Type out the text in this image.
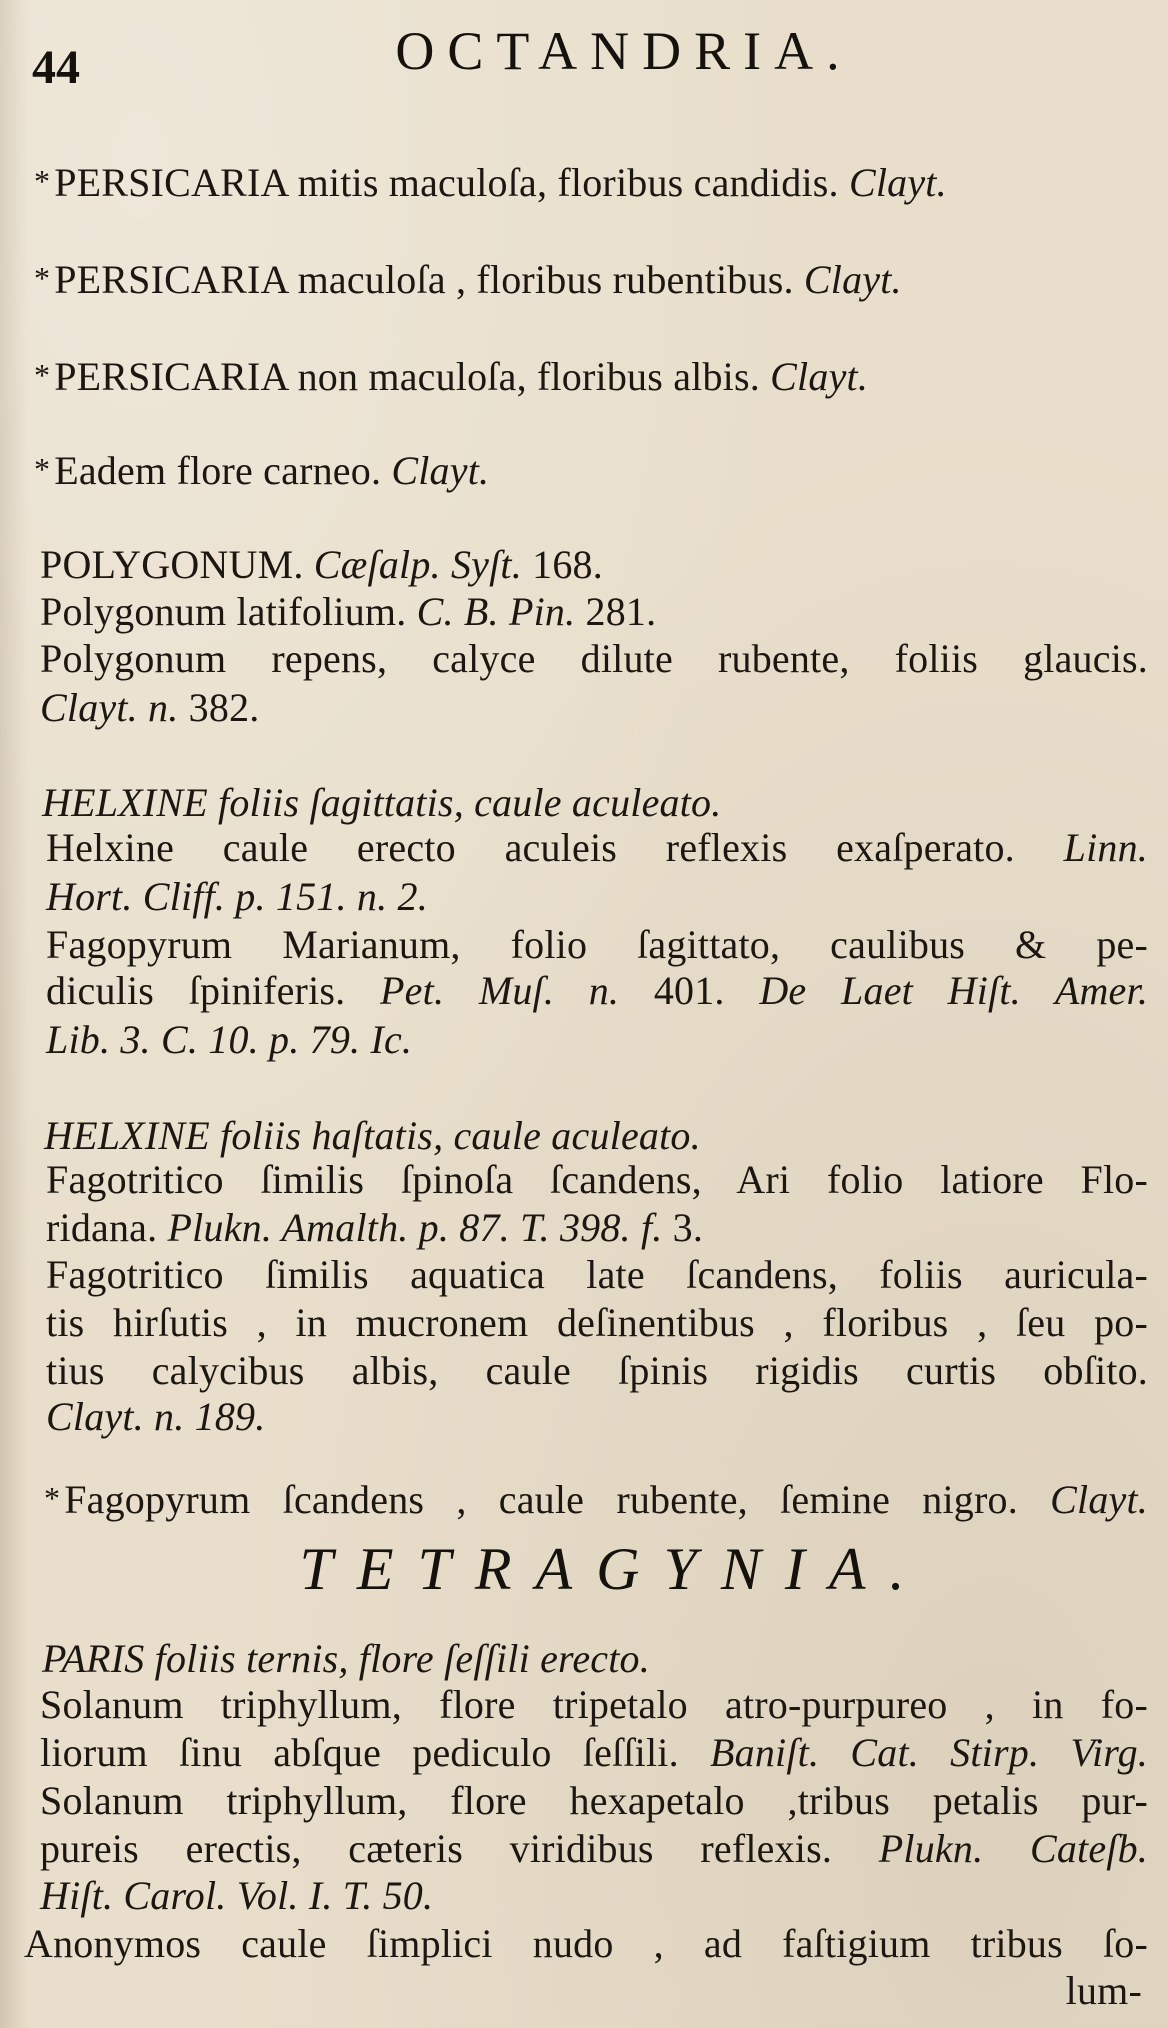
44	OCTANDRIA.
* PERSICARIA mitis maculoſa, floribus candidis. Clayt.
* PERSICARIA maculoſa , floribus rubentibus. Clayt.
* PERSICARIA non maculoſa, floribus albis. Clayt.
* Eadem flore carneo. Clayt.
POLYGONUM. Cæſalp. Syſt. 168.
Polygonum latifolium. C. B. Pin. 281.
Polygonum repens, calyce dilute rubente, foliis glaucis.
Clayt. n. 382.
HELXINE foliis ſagittatis, caule aculeato.
Helxine caule erecto aculeis reflexis exaſperato. Linn.
Hort. Cliff. p. 151. n. 2.
Fagopyrum Marianum, folio ſagittato, caulibus & pe-
diculis ſpiniferis. Pet. Muſ. n. 401. De Laet Hiſt. Amer.
Lib. 3. C. 10. p. 79. Ic.
HELXINE foliis haſtatis, caule aculeato.
Fagotritico ſimilis ſpinoſa ſcandens, Ari folio latiore Flo-
ridana. Plukn. Amalth. p. 87. T. 398. f. 3.
Fagotritico ſimilis aquatica late ſcandens, foliis auricula-
tis hirſutis , in mucronem deſinentibus , floribus , ſeu po-
tius calycibus albis, caule ſpinis rigidis curtis obſito.
Clayt. n. 189.
* Fagopyrum ſcandens , caule rubente, ſemine nigro. Clayt.
TETRAGYNIA.
PARIS foliis ternis, flore ſeſſili erecto.
Solanum triphyllum, flore tripetalo atro-purpureo , in fo-
liorum ſinu abſque pediculo ſeſſili. Baniſt. Cat. Stirp. Virg.
Solanum triphyllum, flore hexapetalo ,tribus petalis pur-
pureis erectis, cæteris viridibus reflexis. Plukn. Cateſb.
Hiſt. Carol. Vol. I. T. 50.
Anonymos caule ſimplici nudo , ad faſtigium tribus ſo-
lum-
